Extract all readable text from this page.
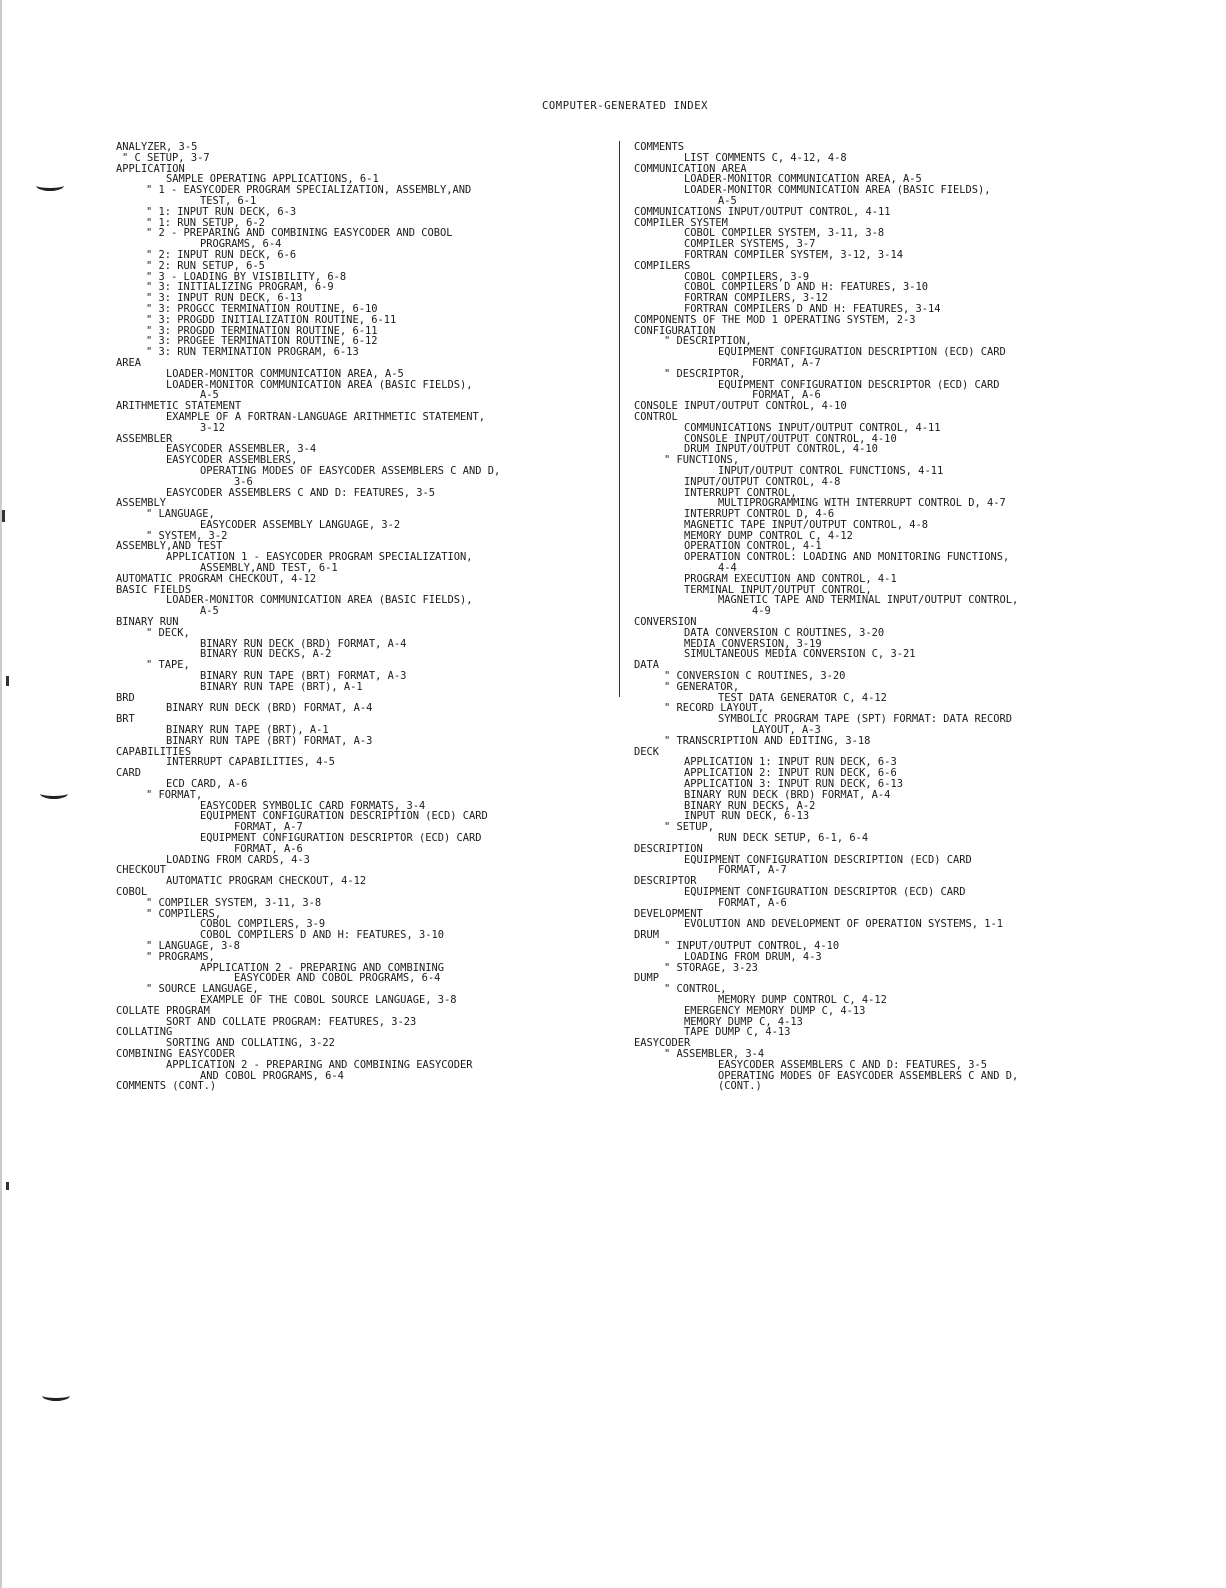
COMPUTER-GENERATED INDEX
ANALYZER, 3-5
" C SETUP, 3-7
APPLICATION
SAMPLE OPERATING APPLICATIONS, 6-1
" 1 - EASYCODER PROGRAM SPECIALIZATION, ASSEMBLY,AND
TEST, 6-1
" 1: INPUT RUN DECK, 6-3
" 1: RUN SETUP, 6-2
" 2 - PREPARING AND COMBINING EASYCODER AND COBOL
PROGRAMS, 6-4
" 2: INPUT RUN DECK, 6-6
" 2: RUN SETUP, 6-5
" 3 - LOADING BY VISIBILITY, 6-8
" 3: INITIALIZING PROGRAM, 6-9
" 3: INPUT RUN DECK, 6-13
" 3: PROGCC TERMINATION ROUTINE, 6-10
" 3: PROGDD INITIALIZATION ROUTINE, 6-11
" 3: PROGDD TERMINATION ROUTINE, 6-11
" 3: PROGEE TERMINATION ROUTINE, 6-12
" 3: RUN TERMINATION PROGRAM, 6-13
AREA
LOADER-MONITOR COMMUNICATION AREA, A-5
LOADER-MONITOR COMMUNICATION AREA (BASIC FIELDS),
A-5
ARITHMETIC STATEMENT
EXAMPLE OF A FORTRAN-LANGUAGE ARITHMETIC STATEMENT,
3-12
ASSEMBLER
EASYCODER ASSEMBLER, 3-4
EASYCODER ASSEMBLERS,
OPERATING MODES OF EASYCODER ASSEMBLERS C AND D,
3-6
EASYCODER ASSEMBLERS C AND D: FEATURES, 3-5
ASSEMBLY
" LANGUAGE,
EASYCODER ASSEMBLY LANGUAGE, 3-2
" SYSTEM, 3-2
ASSEMBLY,AND TEST
APPLICATION 1 - EASYCODER PROGRAM SPECIALIZATION,
ASSEMBLY,AND TEST, 6-1
AUTOMATIC PROGRAM CHECKOUT, 4-12
BASIC FIELDS
LOADER-MONITOR COMMUNICATION AREA (BASIC FIELDS),
A-5
BINARY RUN
" DECK,
BINARY RUN DECK (BRD) FORMAT, A-4
BINARY RUN DECKS, A-2
" TAPE,
BINARY RUN TAPE (BRT) FORMAT, A-3
BINARY RUN TAPE (BRT), A-1
BRD
BINARY RUN DECK (BRD) FORMAT, A-4
BRT
BINARY RUN TAPE (BRT), A-1
BINARY RUN TAPE (BRT) FORMAT, A-3
CAPABILITIES
INTERRUPT CAPABILITIES, 4-5
CARD
ECD CARD, A-6
" FORMAT,
EASYCODER SYMBOLIC CARD FORMATS, 3-4
EQUIPMENT CONFIGURATION DESCRIPTION (ECD) CARD
FORMAT, A-7
EQUIPMENT CONFIGURATION DESCRIPTOR (ECD) CARD
FORMAT, A-6
LOADING FROM CARDS, 4-3
CHECKOUT
AUTOMATIC PROGRAM CHECKOUT, 4-12
COBOL
" COMPILER SYSTEM, 3-11, 3-8
" COMPILERS,
COBOL COMPILERS, 3-9
COBOL COMPILERS D AND H: FEATURES, 3-10
" LANGUAGE, 3-8
" PROGRAMS,
APPLICATION 2 - PREPARING AND COMBINING
EASYCODER AND COBOL PROGRAMS, 6-4
" SOURCE LANGUAGE,
EXAMPLE OF THE COBOL SOURCE LANGUAGE, 3-8
COLLATE PROGRAM
SORT AND COLLATE PROGRAM: FEATURES, 3-23
COLLATING
SORTING AND COLLATING, 3-22
COMBINING EASYCODER
APPLICATION 2 - PREPARING AND COMBINING EASYCODER
AND COBOL PROGRAMS, 6-4
COMMENTS (CONT.)
COMMENTS
LIST COMMENTS C, 4-12, 4-8
COMMUNICATION AREA
LOADER-MONITOR COMMUNICATION AREA, A-5
LOADER-MONITOR COMMUNICATION AREA (BASIC FIELDS),
A-5
COMMUNICATIONS INPUT/OUTPUT CONTROL, 4-11
COMPILER SYSTEM
COBOL COMPILER SYSTEM, 3-11, 3-8
COMPILER SYSTEMS, 3-7
FORTRAN COMPILER SYSTEM, 3-12, 3-14
COMPILERS
COBOL COMPILERS, 3-9
COBOL COMPILERS D AND H: FEATURES, 3-10
FORTRAN COMPILERS, 3-12
FORTRAN COMPILERS D AND H: FEATURES, 3-14
COMPONENTS OF THE MOD 1 OPERATING SYSTEM, 2-3
CONFIGURATION
" DESCRIPTION,
EQUIPMENT CONFIGURATION DESCRIPTION (ECD) CARD
FORMAT, A-7
" DESCRIPTOR,
EQUIPMENT CONFIGURATION DESCRIPTOR (ECD) CARD
FORMAT, A-6
CONSOLE INPUT/OUTPUT CONTROL, 4-10
CONTROL
COMMUNICATIONS INPUT/OUTPUT CONTROL, 4-11
CONSOLE INPUT/OUTPUT CONTROL, 4-10
DRUM INPUT/OUTPUT CONTROL, 4-10
" FUNCTIONS,
INPUT/OUTPUT CONTROL FUNCTIONS, 4-11
INPUT/OUTPUT CONTROL, 4-8
INTERRUPT CONTROL,
MULTIPROGRAMMING WITH INTERRUPT CONTROL D, 4-7
INTERRUPT CONTROL D, 4-6
MAGNETIC TAPE INPUT/OUTPUT CONTROL, 4-8
MEMORY DUMP CONTROL C, 4-12
OPERATION CONTROL, 4-1
OPERATION CONTROL: LOADING AND MONITORING FUNCTIONS,
4-4
PROGRAM EXECUTION AND CONTROL, 4-1
TERMINAL INPUT/OUTPUT CONTROL,
MAGNETIC TAPE AND TERMINAL INPUT/OUTPUT CONTROL,
4-9
CONVERSION
DATA CONVERSION C ROUTINES, 3-20
MEDIA CONVERSION, 3-19
SIMULTANEOUS MEDIA CONVERSION C, 3-21
DATA
" CONVERSION C ROUTINES, 3-20
" GENERATOR,
TEST DATA GENERATOR C, 4-12
" RECORD LAYOUT,
SYMBOLIC PROGRAM TAPE (SPT) FORMAT: DATA RECORD
LAYOUT, A-3
" TRANSCRIPTION AND EDITING, 3-18
DECK
APPLICATION 1: INPUT RUN DECK, 6-3
APPLICATION 2: INPUT RUN DECK, 6-6
APPLICATION 3: INPUT RUN DECK, 6-13
BINARY RUN DECK (BRD) FORMAT, A-4
BINARY RUN DECKS, A-2
INPUT RUN DECK, 6-13
" SETUP,
RUN DECK SETUP, 6-1, 6-4
DESCRIPTION
EQUIPMENT CONFIGURATION DESCRIPTION (ECD) CARD
FORMAT, A-7
DESCRIPTOR
EQUIPMENT CONFIGURATION DESCRIPTOR (ECD) CARD
FORMAT, A-6
DEVELOPMENT
EVOLUTION AND DEVELOPMENT OF OPERATION SYSTEMS, 1-1
DRUM
" INPUT/OUTPUT CONTROL, 4-10
LOADING FROM DRUM, 4-3
" STORAGE, 3-23
DUMP
" CONTROL,
MEMORY DUMP CONTROL C, 4-12
EMERGENCY MEMORY DUMP C, 4-13
MEMORY DUMP C, 4-13
TAPE DUMP C, 4-13
EASYCODER
" ASSEMBLER, 3-4
EASYCODER ASSEMBLERS C AND D: FEATURES, 3-5
OPERATING MODES OF EASYCODER ASSEMBLERS C AND D,
(CONT.)
